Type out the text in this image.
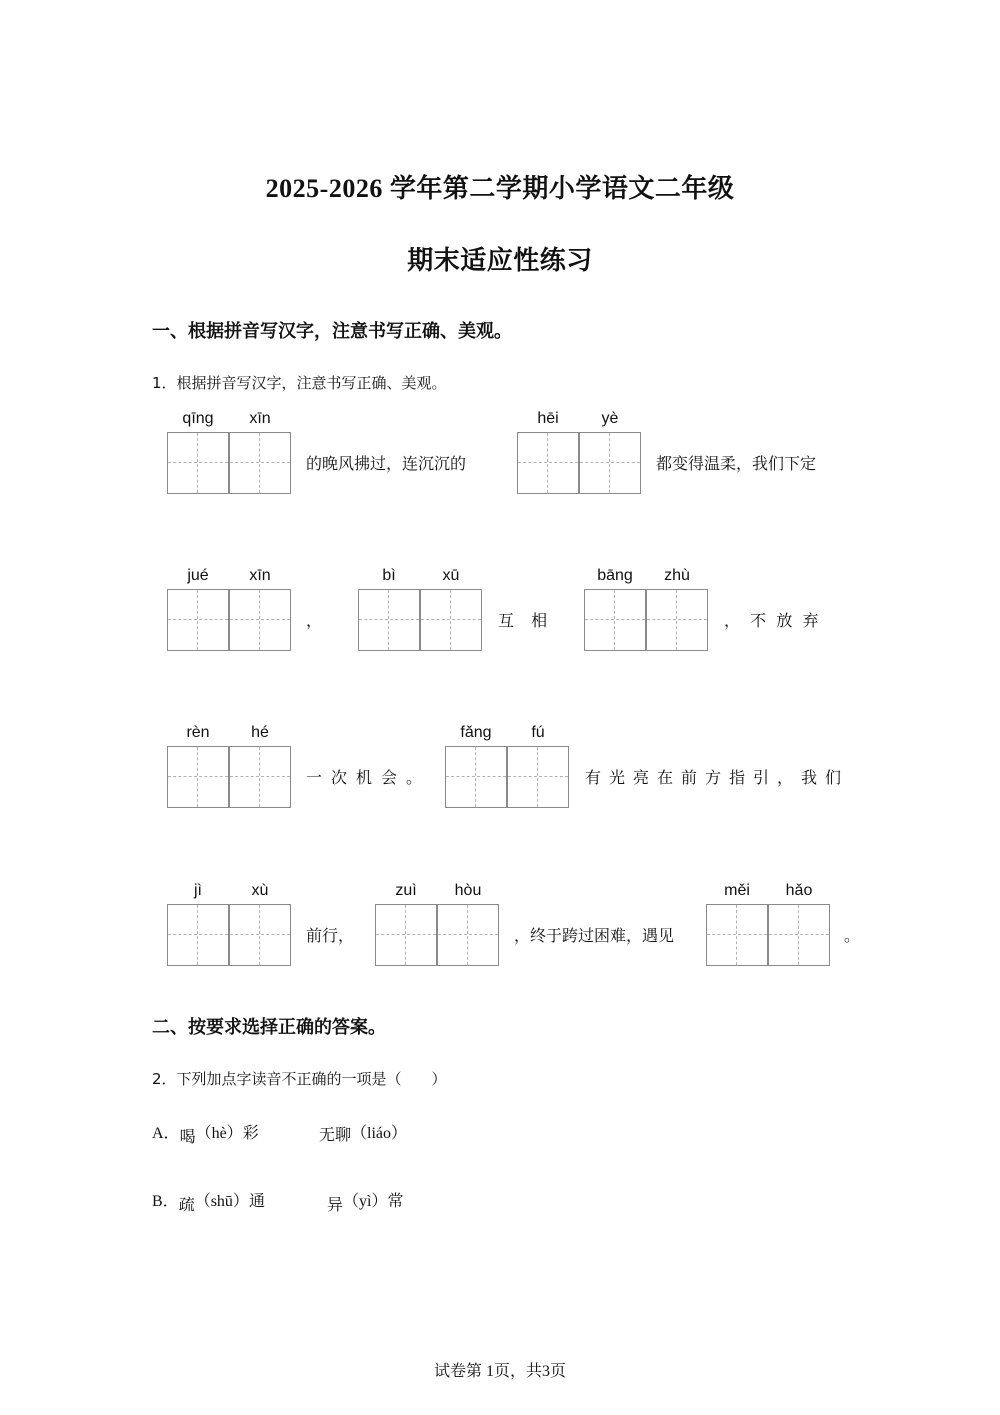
2025-2026 学年第二学期小学语文二年级
期末适应性练习
一、根据拼音写汉字，注意书写正确、美观。
1．根据拼音写汉字，注意书写正确、美观。
qīng	xīn
的晚风拂过，连沉沉的
hēi	yè
都变得温柔，我们下定
jué	xīn
，
bì	xū
互 相
bāng	zhù
，  不  放  弃
rèn	hé
一次机会。
fǎng	fú
有光亮在前方指引，我们
jì	xù
前行，
zuì	hòu
，终于跨过困难，遇见
měi	hǎo
。
二、按要求选择正确的答案。
2．下列加点字读音不正确的一项是（　　）
A．喝（hè）彩	无聊（liáo）
B．疏（shū）通	异（yì）常
试卷第 1页，共3页
